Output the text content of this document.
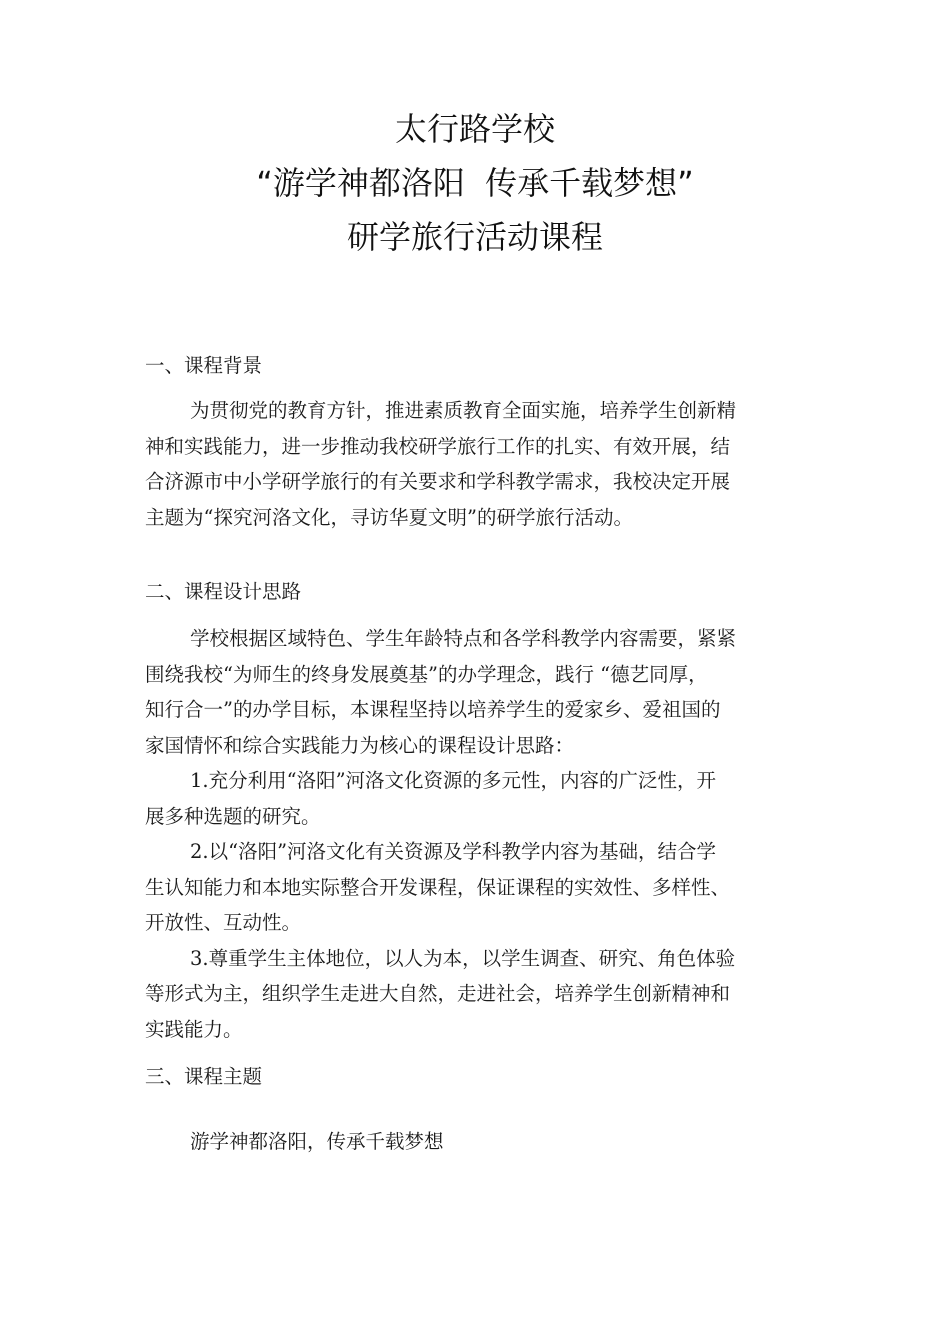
太行路学校
“游学神都洛阳  传承千载梦想”
研学旅行活动课程
一、课程背景
为贯彻党的教育方针，推进素质教育全面实施，培养学生创新精
神和实践能力，进一步推动我校研学旅行工作的扎实、有效开展，结
合济源市中小学研学旅行的有关要求和学科教学需求，我校决定开展
主题为“探究河洛文化，寻访华夏文明”的研学旅行活动。
二、课程设计思路
学校根据区域特色、学生年龄特点和各学科教学内容需要，紧紧
围绕我校“为师生的终身发展奠基”的办学理念，践行 “德艺同厚，
知行合一”的办学目标，本课程坚持以培养学生的爱家乡、爱祖国的
家国情怀和综合实践能力为核心的课程设计思路：
1.充分利用“洛阳”河洛文化资源的多元性，内容的广泛性，开
展多种选题的研究。
2.以“洛阳”河洛文化有关资源及学科教学内容为基础，结合学
生认知能力和本地实际整合开发课程，保证课程的实效性、多样性、
开放性、互动性。
3.尊重学生主体地位，以人为本，以学生调查、研究、角色体验
等形式为主，组织学生走进大自然，走进社会，培养学生创新精神和
实践能力。
三、课程主题
游学神都洛阳，传承千载梦想
